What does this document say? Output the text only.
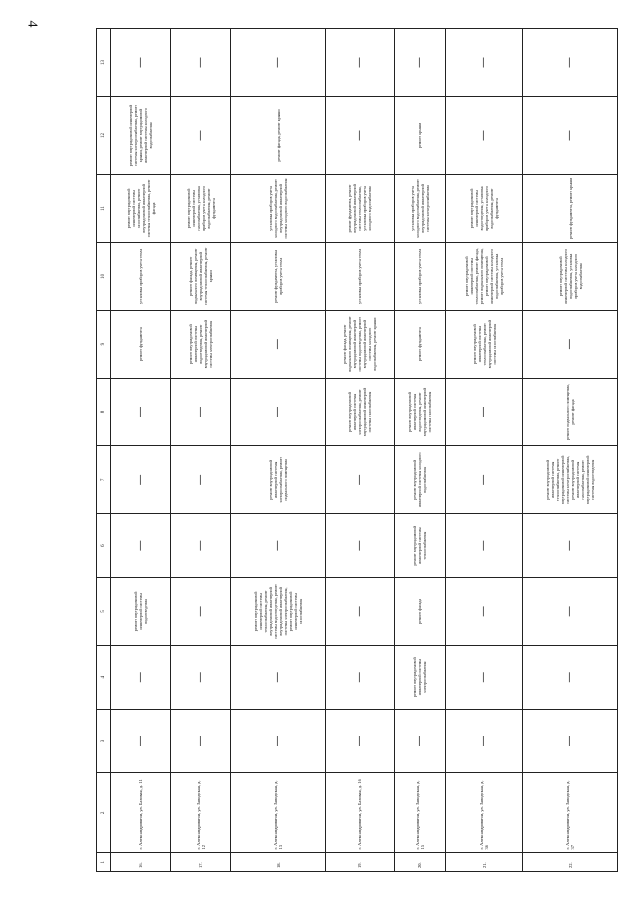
4
1	2	3	4	5	6	7	8	9	10	11	12	13
16.	г. Александровичи, ул. Базовая, д. 11	—	—	ремонт внутридомовой инженерной системы водоотведения	—	—	—	ремонт фундамента	установка приборов учета тепла	ремонт внутридомовой инженерной системы газоснабжения, ремонт внутридомовой инженерной системы теплоснабжения, ремонт фасада	ремонт внутридомовой инженерной системы электроснабжения, ремонт крыши, ремонт внутридомовой инженерной системы холодного водоснабжения	—
17.	г. Александровичи, ул. Заводская, д. 12	—	—	—	—	—	—	ремонт внутридомовой инженерной системы водоотведения, ремонт внутридомовой инженерной системы электроснабжения	ремонт фасада, ремонт подвального помещения, ремонт внутридомовой инженерной системы теплоснабжения, ремонт крыши	ремонт внутридомовой инженерной системы газоснабжения, установка приборов учета холодного водоснабжения, ремонт фундамента	—	—
18.	г. Александровичи, ул. Заводская, д. 13	—	—	ремонт внутридомовой инженерной системы теплоснабжения, ремонт внутридомовой инженерной системы водоотведения, ремонт внутридомовой инженерной системы электроснабжения, ремонт внутридомовой инженерной системы газоснабжения	—	ремонт внутридомовой инженерной системы электроснабжения, ремонт подвального помещения	—	—	ремонт фундамента, установка приборов учета тепла	установка приборов учета холодного водоснабжения, ремонт внутридомовой инженерной системы холодного водоснабжения	ремонт фасада, ремонт крыши	—
19.	г. Александровичи, ул. Базовая, д. 16	—	—	—	—	—	ремонт внутридомовой инженерной системы электроснабжения, ремонт внутридомовой инженерной системы газоснабжения	ремонт фасада, ремонт подвального помещения, ремонт внутридомовой инженерной системы водоотведения, ремонт внутридомовой инженерной системы холодного водоснабжения, ремонт крыши	установка приборов учета тепла	ремонт фундамента, ремонт внутридомовой инженерной системы теплоснабжения, установка приборов учета холодного водоснабжения	—	—
20.	г. Александровичи, ул. Заводская, д. 15	—	ремонт внутридомовой инженерной системы электроснабжения	ремонт фасада	ремонт внутридомовой инженерной системы теплоснабжения	ремонт внутридомовой инженерной системы холодного водоснабжения	ремонт внутридомовой инженерной системы водоотведения, ремонт внутридомовой инженерной системы газоснабжения	ремонт фундамента	установка приборов учета тепла	установка приборов учета холодного водоснабжения, ремонт внутридомовой инженерной системы электроснабжения	ремонт крыши	—
21.	г. Александровичи, ул. Заводская, д. 36	—	—	—	—	—	—	ремонт внутридомовой инженерной системы теплоснабжения, ремонт внутридомовой инженерной системы газоснабжения	ремонт внутридомовой инженерной системы теплоснабжения, ремонт фасада, ремонт подвального помещения, ремонт внутридомовой инженерной системы холодного водоснабжения, установка приборов учета тепла	ремонт внутридомовой инженерной системы водоотведения, установка приборов учета холодного водоснабжения, ремонт фундамента	—	—
22.	г. Александровичи, ул. Заводская, д. 37	—	—	—	—	ремонт внутридомовой инженерной системы теплоснабжения, ремонт внутридомовой инженерной системы электроснабжения, ремонт внутридомовой инженерной системы газоснабжения, ремонт внутридомовой инженерной системы водоотведения	ремонт подвального помещения, ремонт фасада	—	ремонт внутридомовой инженерной системы холодного водоснабжения, установка приборов учета холодного водоснабжения	ремонт фундамента, ремонт крыши	—	—
